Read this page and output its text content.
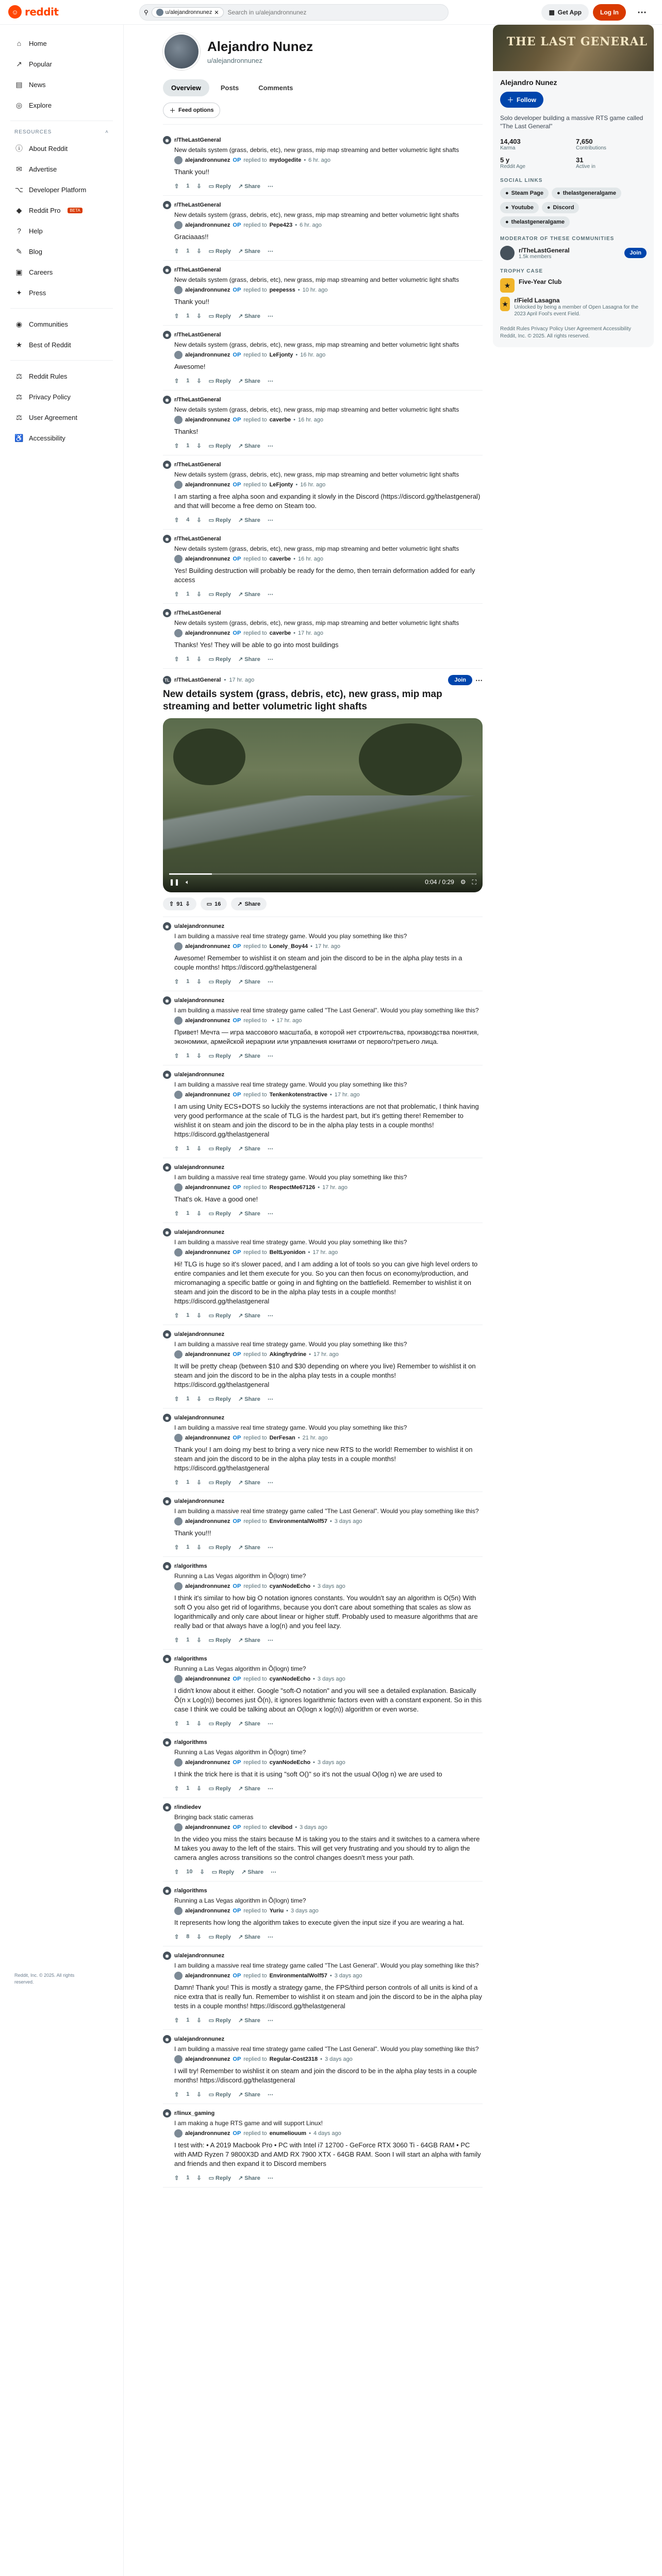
☺ reddit	⚲	u/alejandronnunez ✕
Search in u/alejandronnunez	▦ Get App	Log In	⋯
⌂	Home
↗ Popular
▤ News
◎ Explore
RESOURCES	˄
ⓘ About Reddit
✉ Advertise
⌥ Developer Platform
◆ Reddit Pro	BETA
?	Help
✎ Blog
▣ Careers
✦ Press
◉ Communities
★ Best of Reddit
⚖ Reddit Rules
⚖ Privacy Policy
⚖ User Agreement
♿ Accessibility
Reddit, Inc. © 2025. All rights reserved.
Alejandro Nunez
u/alejandronnunez
Overview	Posts	Comments
＋ Feed options
◉ r/TheLastGeneral
New details system (grass, debris, etc), new grass, mip map streaming and better volumetric light shafts
alejandronnunez OP replied to mydogedite • 6 hr. ago
Thank you!!
⇧ 1 ⇩ ▭ Reply ↗ Share ⋯
◉ r/TheLastGeneral
New details system (grass, debris, etc), new grass, mip map streaming and better volumetric light shafts
alejandronnunez OP replied to Pepe423 • 6 hr. ago
Graciaaas!!
⇧ 1 ⇩ ▭ Reply ↗ Share ⋯
◉ r/TheLastGeneral
New details system (grass, debris, etc), new grass, mip map streaming and better volumetric light shafts
alejandronnunez OP replied to peepesss • 10 hr. ago
Thank you!!
⇧ 1 ⇩ ▭ Reply ↗ Share ⋯
◉ r/TheLastGeneral
New details system (grass, debris, etc), new grass, mip map streaming and better volumetric light shafts
alejandronnunez OP replied to LeFjonty • 16 hr. ago
Awesome!
⇧ 1 ⇩ ▭ Reply ↗ Share ⋯
◉ r/TheLastGeneral
New details system (grass, debris, etc), new grass, mip map streaming and better volumetric light shafts
alejandronnunez OP replied to caverbe • 16 hr. ago
Thanks!
⇧ 1 ⇩ ▭ Reply ↗ Share ⋯
◉ r/TheLastGeneral
New details system (grass, debris, etc), new grass, mip map streaming and better volumetric light shafts
alejandronnunez OP replied to LeFjonty • 16 hr. ago
I am starting a free alpha soon and expanding it slowly in the Discord (https://discord.gg/thelastgeneral) and that will become a free demo on Steam too.
⇧ 4 ⇩ ▭ Reply ↗ Share ⋯
◉ r/TheLastGeneral
New details system (grass, debris, etc), new grass, mip map streaming and better volumetric light shafts
alejandronnunez OP replied to caverbe • 16 hr. ago
Yes! Building destruction will probably be ready for the demo, then terrain deformation added for early access
⇧ 1 ⇩ ▭ Reply ↗ Share ⋯
◉ r/TheLastGeneral
New details system (grass, debris, etc), new grass, mip map streaming and better volumetric light shafts
alejandronnunez OP replied to caverbe • 17 hr. ago
Thanks! Yes! They will be able to go into most buildings
⇧ 1 ⇩ ▭ Reply ↗ Share ⋯
TL r/TheLastGeneral • 17 hr. ago	Join	⋯
New details system (grass, debris, etc), new grass, mip map streaming and better volumetric light shafts
❚❚ 🔈︎	0:04 / 0:29 ⚙ ⛶
⇧ 91 ⇩	▭ 16	↗ Share
◉ u/alejandronnunez
I am building a massive real time strategy game. Would you play something like this?
alejandronnunez OP replied to Lonely_Boy44 • 17 hr. ago
Awesome! Remember to wishlist it on steam and join the discord to be in the alpha play tests in a couple months! https://discord.gg/thelastgeneral
⇧ 1 ⇩ ▭ Reply ↗ Share ⋯
◉ u/alejandronnunez
I am building a massive real time strategy game called "The Last General". Would you play something like this?
alejandronnunez OP replied to • 17 hr. ago
Привет! Мечта — игра массового масштаба, в которой нет строительства, производства понятия, экономики, армейской иерархии или управления юнитами от первого/третьего лица.
⇧ 1 ⇩ ▭ Reply ↗ Share ⋯
◉ u/alejandronnunez
I am building a massive real time strategy game. Would you play something like this?
alejandronnunez OP replied to Tenkenkotenstractive • 17 hr. ago
I am using Unity ECS+DOTS so luckily the systems interactions are not that problematic, I think having very good performance at the scale of TLG is the hardest part, but it's getting there! Remember to wishlist it on steam and join the discord to be in the alpha play tests in a couple months! https://discord.gg/thelastgeneral
⇧ 1 ⇩ ▭ Reply ↗ Share ⋯
◉ u/alejandronnunez
I am building a massive real time strategy game. Would you play something like this?
alejandronnunez OP replied to RespectMe67126 • 17 hr. ago
That's ok. Have a good one!
⇧ 1 ⇩ ▭ Reply ↗ Share ⋯
◉ u/alejandronnunez
I am building a massive real time strategy game. Would you play something like this?
alejandronnunez OP replied to BeltLyonidon • 17 hr. ago
Hi! TLG is huge so it's slower paced, and I am adding a lot of tools so you can give high level orders to entire companies and let them execute for you. So you can then focus on economy/production, and micromanaging a specific battle or going in and fighting on the battlefield. Remember to wishlist it on steam and join the discord to be in the alpha play tests in a couple months! https://discord.gg/thelastgeneral
⇧ 1 ⇩ ▭ Reply ↗ Share ⋯
◉ u/alejandronnunez
I am building a massive real time strategy game. Would you play something like this?
alejandronnunez OP replied to Akingfrydrine • 17 hr. ago
It will be pretty cheap (between $10 and $30 depending on where you live) Remember to wishlist it on steam and join the discord to be in the alpha play tests in a couple months! https://discord.gg/thelastgeneral
⇧ 1 ⇩ ▭ Reply ↗ Share ⋯
◉ u/alejandronnunez
I am building a massive real time strategy game. Would you play something like this?
alejandronnunez OP replied to DerFesan • 21 hr. ago
Thank you! I am doing my best to bring a very nice new RTS to the world! Remember to wishlist it on steam and join the discord to be in the alpha play tests in a couple months! https://discord.gg/thelastgeneral
⇧ 1 ⇩ ▭ Reply ↗ Share ⋯
◉ u/alejandronnunez
I am building a massive real time strategy game called "The Last General". Would you play something like this?
alejandronnunez OP replied to EnvironmentalWolf57 • 3 days ago
Thank you!!!
⇧ 1 ⇩ ▭ Reply ↗ Share ⋯
◉ r/algorithms
Running a Las Vegas algorithm in Õ(logn) time?
alejandronnunez OP replied to cyanNodeEcho • 3 days ago
I think it's similar to how big O notation ignores constants. You wouldn't say an algorithm is O(5n) With soft O you also get rid of logarithms, because you don't care about something that scales as slow as logarithmically and only care about linear or higher stuff. Probably used to measure algorithms that are really bad or that always have a log(n) and you feel lazy.
⇧ 1 ⇩ ▭ Reply ↗ Share ⋯
◉ r/algorithms
Running a Las Vegas algorithm in Õ(logn) time?
alejandronnunez OP replied to cyanNodeEcho • 3 days ago
I didn't know about it either. Google "soft-O notation" and you will see a detailed explanation. Basically Õ(n x Log(n)) becomes just Õ(n), it ignores logarithmic factors even with a constant exponent. So in this case I think we could be talking about an O(logn x log(n)) algorithm or even worse.
⇧ 1 ⇩ ▭ Reply ↗ Share ⋯
◉ r/algorithms
Running a Las Vegas algorithm in Õ(logn) time?
alejandronnunez OP replied to cyanNodeEcho • 3 days ago
I think the trick here is that it is using "soft O()" so it's not the usual O(log n) we are used to
⇧ 1 ⇩ ▭ Reply ↗ Share ⋯
◉ r/indiedev
Bringing back static cameras
alejandronnunez OP replied to clevibod • 3 days ago
In the video you miss the stairs because M is taking you to the stairs and it switches to a camera where M takes you away to the left of the stairs. This will get very frustrating and you should try to align the camera angles across transitions so the control changes doesn't mess your path.
⇧ 10 ⇩ ▭ Reply ↗ Share ⋯
◉ r/algorithms
Running a Las Vegas algorithm in Õ(logn) time?
alejandronnunez OP replied to Yuriu • 3 days ago
It represents how long the algorithm takes to execute given the input size if you are wearing a hat.
⇧ 8 ⇩ ▭ Reply ↗ Share ⋯
◉ u/alejandronnunez
I am building a massive real time strategy game called "The Last General". Would you play something like this?
alejandronnunez OP replied to EnvironmentalWolf57 • 3 days ago
Damn! Thank you! This is mostly a strategy game, the FPS/third person controls of all units is kind of a nice extra that is really fun. Remember to wishlist it on steam and join the discord to be in the alpha play tests in a couple months! https://discord.gg/thelastgeneral
⇧ 1 ⇩ ▭ Reply ↗ Share ⋯
◉ u/alejandronnunez
I am building a massive real time strategy game called "The Last General". Would you play something like this?
alejandronnunez OP replied to Regular-Cost2318 • 3 days ago
I will try! Remember to wishlist it on steam and join the discord to be in the alpha play tests in a couple months! https://discord.gg/thelastgeneral
⇧ 1 ⇩ ▭ Reply ↗ Share ⋯
◉ r/linux_gaming
I am making a huge RTS game and will support Linux!
alejandronnunez OP replied to enumeliouum • 4 days ago
I test with: • A 2019 Macbook Pro • PC with Intel i7 12700 - GeForce RTX 3060 Ti - 64GB RAM • PC with AMD Ryzen 7 9800X3D and AMD RX 7900 XTX - 64GB RAM. Soon I will start an alpha with family and friends and then expand it to Discord members
⇧ 1 ⇩ ▭ Reply ↗ Share ⋯
THE LAST GENERAL
Alejandro Nunez
＋ Follow
Solo developer building a massive RTS game called "The Last General"
14,403
Karma
7,650
Contributions
5 y
Reddit Age
31
Active in
SOCIAL LINKS
● Steam Page ● thelastgeneralgame
● Youtube ● Discord
● thelastgeneralgame
MODERATOR OF THESE COMMUNITIES
r/TheLastGeneral
1.5k members
Join
TROPHY CASE
★	Five-Year Club
★ r/Field Lasagna
Unlocked by being a member of Open Lasagna for the 2023 April Fool's event Field.
Reddit Rules Privacy Policy User Agreement Accessibility Reddit, Inc. © 2025. All rights reserved.
